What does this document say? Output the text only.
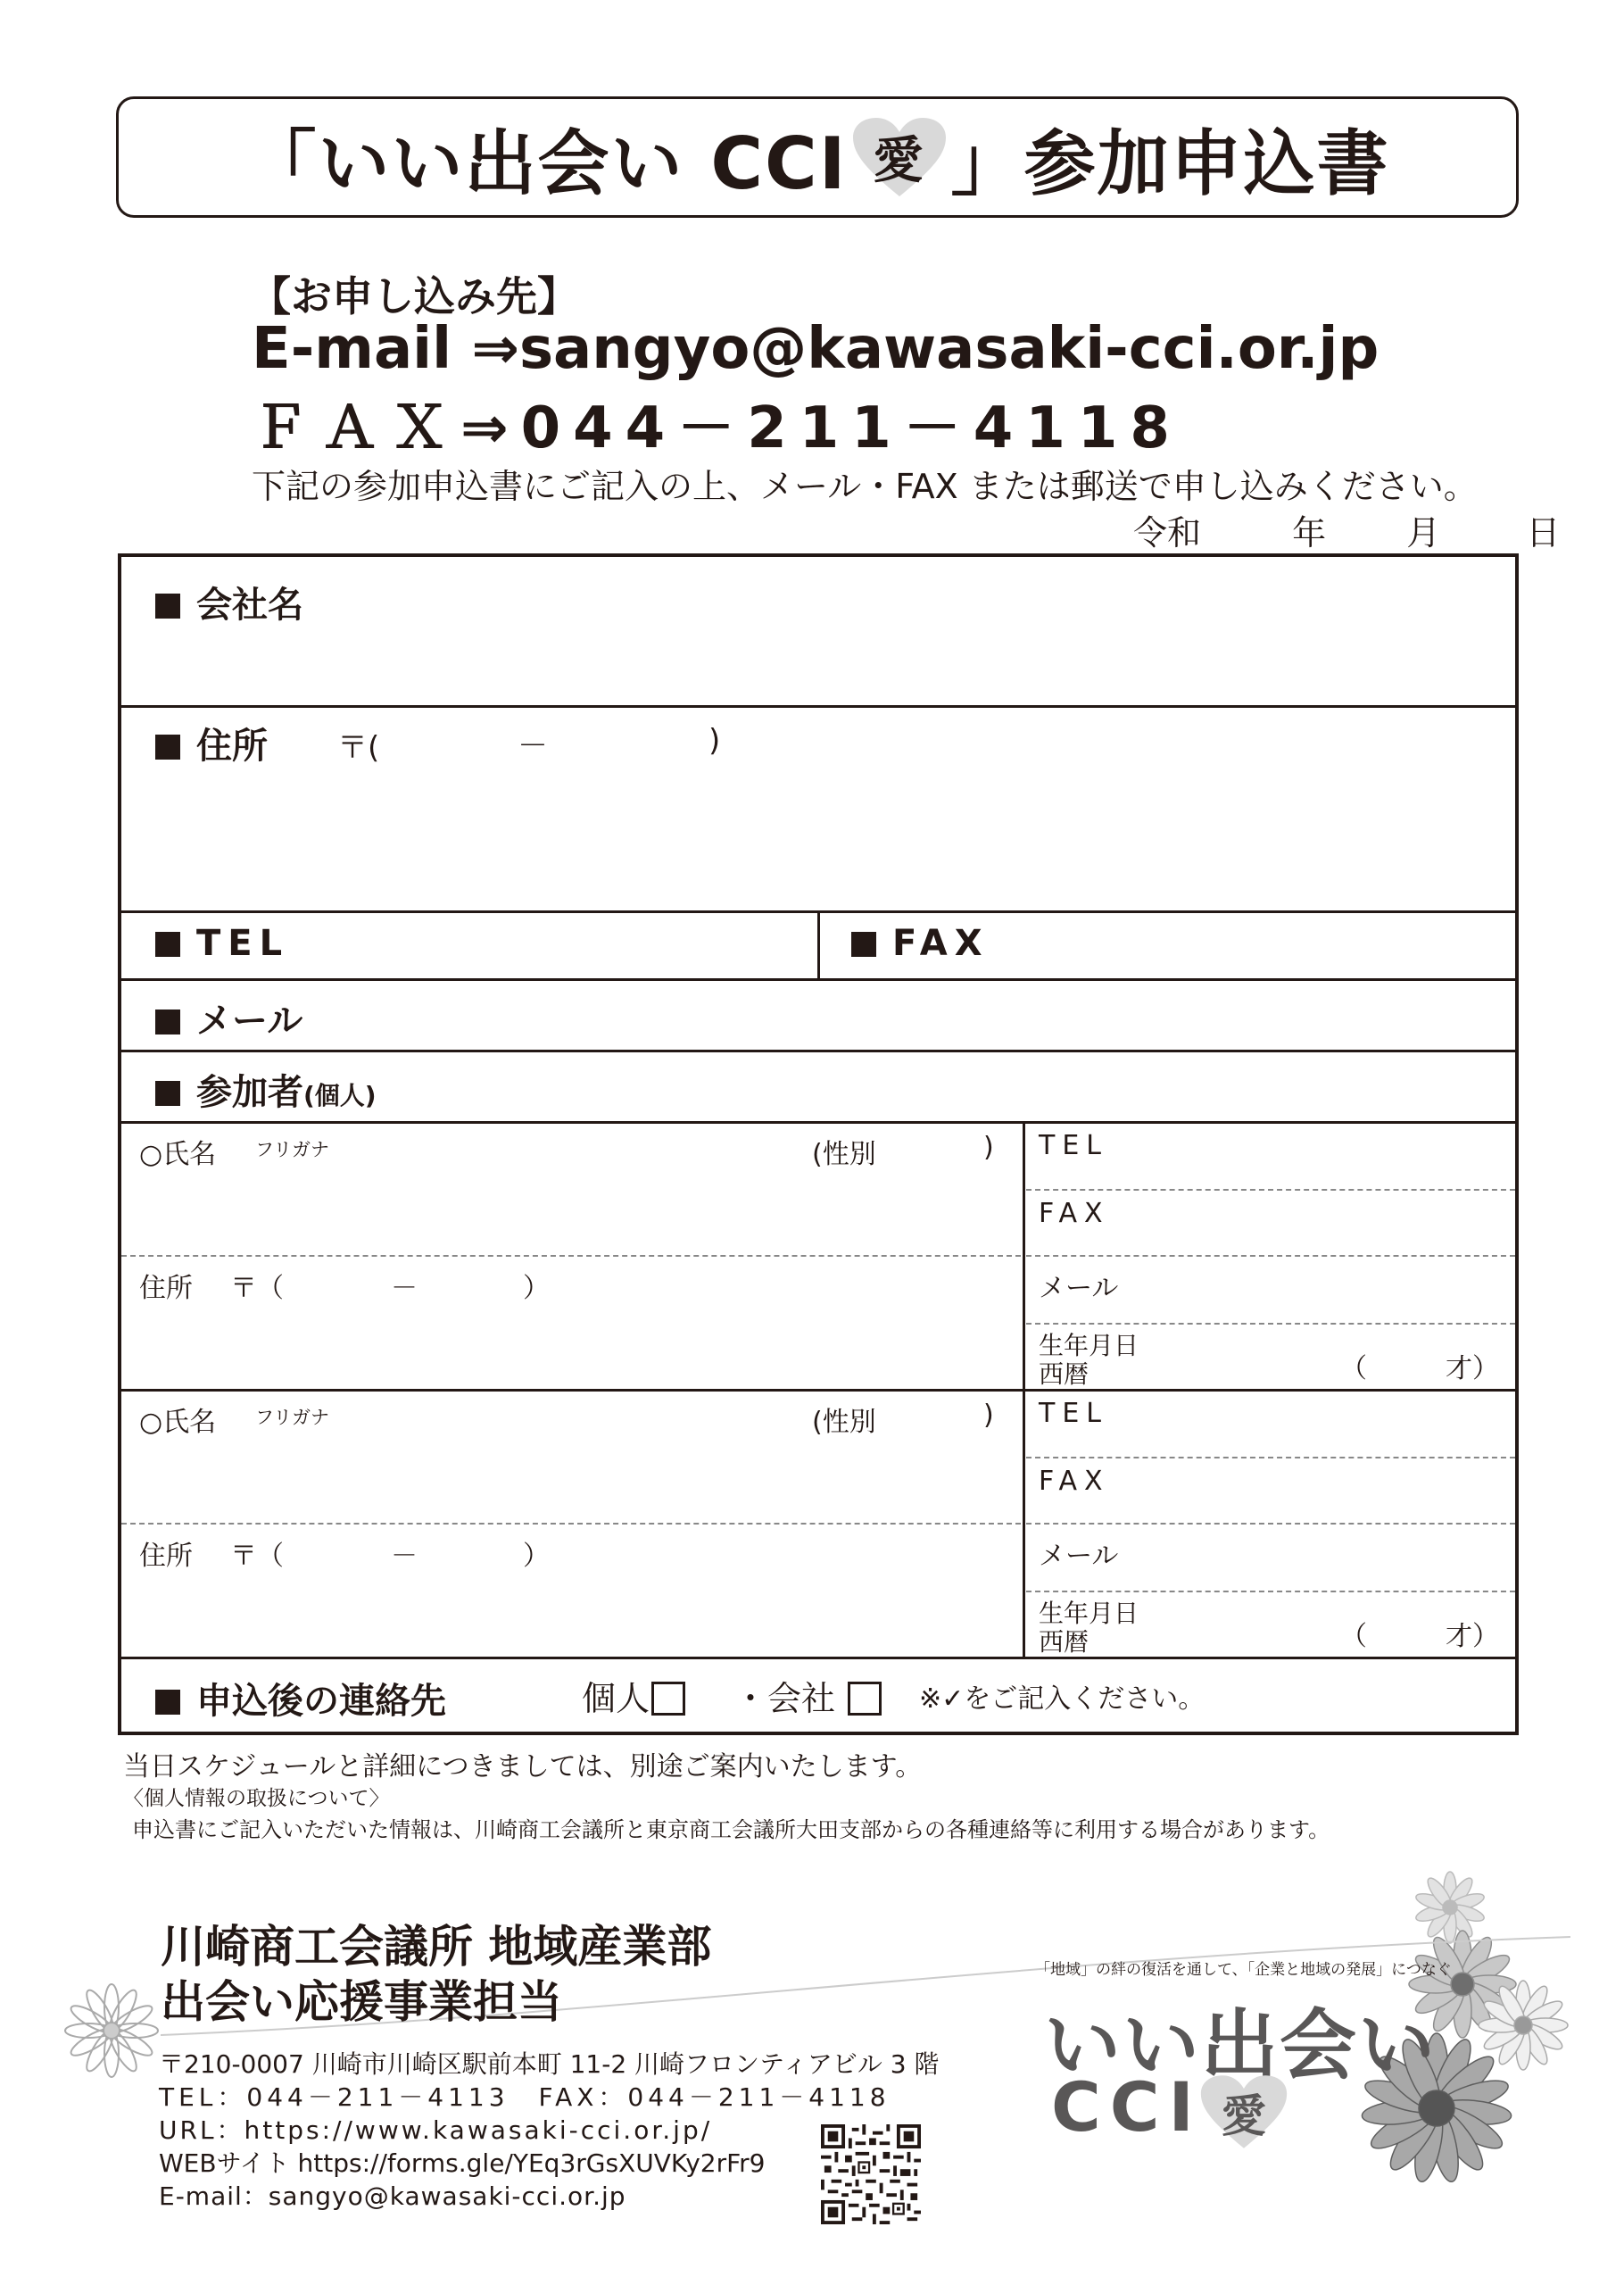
「いい出会い CCI 愛 」参加申込書
【お申し込み先】
E-mail ⇒sangyo@kawasaki-cci.or.jp
ＦＡＸ⇒044－211－4118
下記の参加申込書にご記入の上、メール・FAX または郵送で申し込みください。
令和	年 月	日
会社名
住所 〒(	－	)
TEL	FAX
メール
参加者(個人)
○氏名 フリガナ	(性別	)
住所 〒（	－	）
TEL
FAX
メール
生年月日
西暦	（	才）
○氏名 フリガナ	(性別	)
住所 〒（	－	）
TEL
FAX
メール
生年月日
西暦	（	才）
申込後の連絡先	個人	・会社	※✓をご記入ください。
当日スケジュールと詳細につきましては、別途ご案内いたします。
〈個人情報の取扱について〉
申込書にご記入いただいた情報は、川崎商工会議所と東京商工会議所大田支部からの各種連絡等に利用する場合があります。
川崎商工会議所 地域産業部
出会い応援事業担当
〒210-0007 川崎市川崎区駅前本町 11-2 川崎フロンティアビル 3 階
TEL：044－211－4113　FAX：044－211－4118
URL：https://www.kawasaki-cci.or.jp/
WEBサイト https://forms.gle/YEq3rGsXUVKy2rFr9
E-mail：sangyo@kawasaki-cci.or.jp
「地域」の絆の復活を通して、「企業と地域の発展」につなぐ
いい出会い
CCI 愛
